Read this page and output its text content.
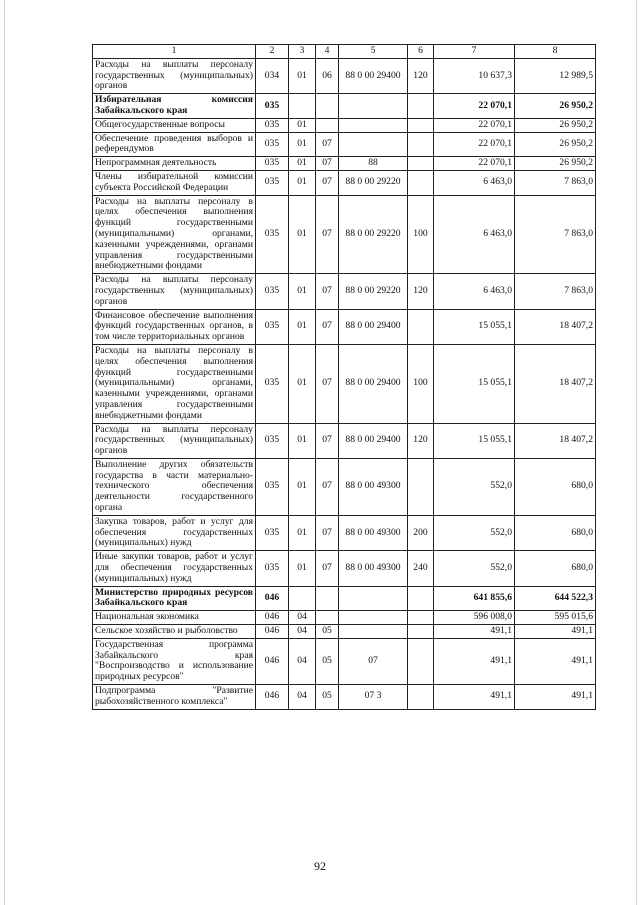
1	2	3	4	5	6	7	8
Расходы на выплаты персоналу государственных (муниципальных) органов	034	01	06	88 0 00 29400	120	10 637,3	12 989,5
Избирательная комиссия Забайкальского края	035					22 070,1	26 950,2
Общегосударственные вопросы	035	01				22 070,1	26 950,2
Обеспечение проведения выборов и референдумов	035	01	07			22 070,1	26 950,2
Непрограммная деятельность	035	01	07	88		22 070,1	26 950,2
Члены избирательной комиссии субъекта Российской Федерации	035	01	07	88 0 00 29220		6 463,0	7 863,0
Расходы на выплаты персоналу в целях обеспечения выполнения функций государственными (муниципальными) органами, казенными учреждениями, органами управления государственными внебюджетными фондами	035	01	07	88 0 00 29220	100	6 463,0	7 863,0
Расходы на выплаты персоналу государственных (муниципальных) органов	035	01	07	88 0 00 29220	120	6 463,0	7 863,0
Финансовое обеспечение выполнения функций государственных органов, в том числе территориальных органов	035	01	07	88 0 00 29400		15 055,1	18 407,2
Расходы на выплаты персоналу в целях обеспечения выполнения функций государственными (муниципальными) органами, казенными учреждениями, органами управления государственными внебюджетными фондами	035	01	07	88 0 00 29400	100	15 055,1	18 407,2
Расходы на выплаты персоналу государственных (муниципальных) органов	035	01	07	88 0 00 29400	120	15 055,1	18 407,2
Выполнение других обязательств государства в части материально-технического обеспечения деятельности государственного органа	035	01	07	88 0 00 49300		552,0	680,0
Закупка товаров, работ и услуг для обеспечения государственных (муниципальных) нужд	035	01	07	88 0 00 49300	200	552,0	680,0
Иные закупки товаров, работ и услуг для обеспечения государственных (муниципальных) нужд	035	01	07	88 0 00 49300	240	552,0	680,0
Министерство природных ресурсов Забайкальского края	046					641 855,6	644 522,3
Национальная экономика	046	04				596 008,0	595 015,6
Сельское хозяйство и рыболовство	046	04	05			491,1	491,1
Государственная программа Забайкальского края "Воспроизводство и использование природных ресурсов"	046	04	05	07		491,1	491,1
Подпрограмма "Развитие рыбохозяйственного комплекса"	046	04	05	07 3		491,1	491,1
92
